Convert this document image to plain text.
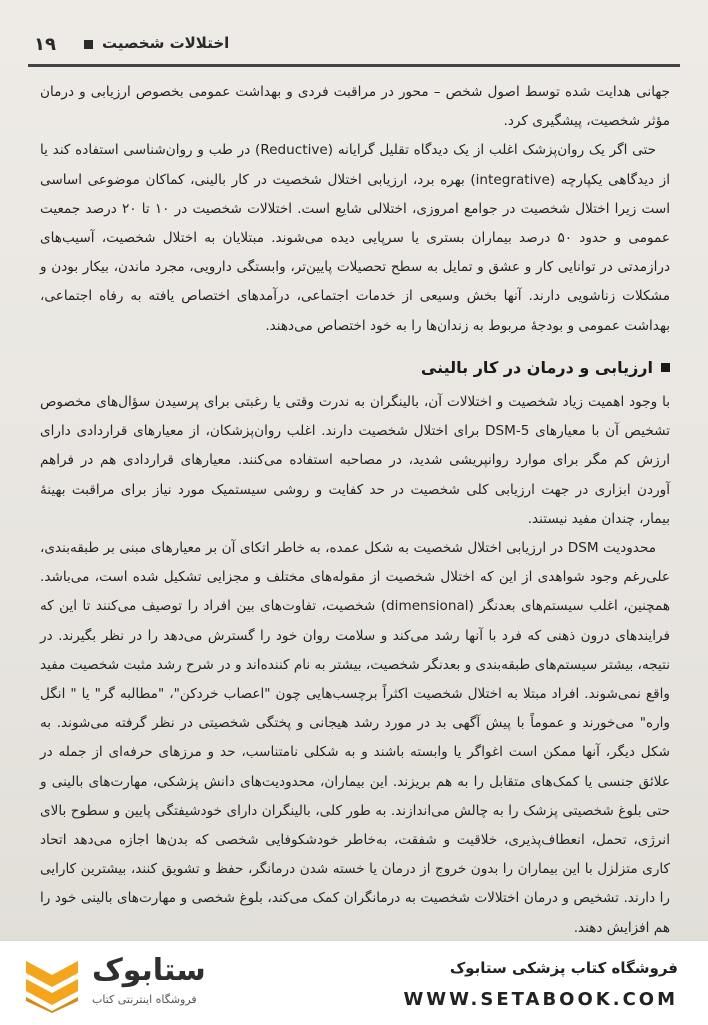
۱۹	اختلالات شخصیت

جهانی هدایت شده توسط اصول شخص – محور در مراقبت فردی و بهداشت عمومی بخصوص ارزیابی و درمان مؤثر شخصیت، پیشگیری کرد.

حتی اگر یک روان‌پزشک اغلب از یک دیدگاه تقلیل گرایانه (Reductive) در طب و روان‌شناسی استفاده کند یا از دیدگاهی یکپارچه (integrative) بهره برد، ارزیابی اختلال شخصیت در کار بالینی، کماکان موضوعی اساسی است زیرا اختلال شخصیت در جوامع امروزی، اختلالی شایع است. اختلالات شخصیت در ۱۰ تا ۲۰ درصد جمعیت عمومی و حدود ۵۰ درصد بیماران بستری یا سرپایی دیده می‌شوند. مبتلایان به اختلال شخصیت، آسیب‌های درازمدتی در توانایی کار و عشق و تمایل به سطح تحصیلات پایین‌تر، وابستگی دارویی، مجرد ماندن، بیکار بودن و مشکلات زناشویی دارند. آنها بخش وسیعی از خدمات اجتماعی، درآمدهای اختصاص یافته به رفاه اجتماعی، بهداشت عمومی و بودجهٔ مربوط به زندان‌ها را به خود اختصاص می‌دهند.

ارزیابی و درمان در کار بالینی

با وجود اهمیت زیاد شخصیت و اختلالات آن، بالینگران به ندرت وقتی یا رغبتی برای پرسیدن سؤال‌های مخصوص تشخیص آن با معیارهای DSM-5 برای اختلال شخصیت دارند. اغلب روان‌پزشکان، از معیارهای قراردادی دارای ارزش کم مگر برای موارد روانپریشی شدید، در مصاحبه استفاده می‌کنند. معیارهای قراردادی هم در فراهم آوردن ابزاری در جهت ارزیابی کلی شخصیت در حد کفایت و روشی سیستمیک مورد نیاز برای مراقبت بهینهٔ بیمار، چندان مفید نیستند.

محدودیت DSM در ارزیابی اختلال شخصیت به شکل عمده، به خاطر اتکای آن بر معیارهای مبنی بر طبقه‌بندی، علی‌رغم وجود شواهدی از این که اختلال شخصیت از مقوله‌های مختلف و مجزایی تشکیل شده است، می‌باشد. همچنین، اغلب سیستم‌های بعدنگر (dimensional) شخصیت، تفاوت‌های بین افراد را توصیف می‌کنند تا این که فرایندهای درون ذهنی که فرد با آنها رشد می‌کند و سلامت روان خود را گسترش می‌دهد را در نظر بگیرند. در نتیجه، بیشتر سیستم‌های طبقه‌بندی و بعدنگر شخصیت، بیشتر به نام کننده‌اند و در شرح رشد مثبت شخصیت مفید واقع نمی‌شوند. افراد مبتلا به اختلال شخصیت اکثراً برچسب‌هایی چون "اعصاب خردکن"، "مطالبه گر" یا " انگل واره" می‌خورند و عموماً با پیش آگهی بد در مورد رشد هیجانی و پختگی شخصیتی در نظر گرفته می‌شوند. به شکل دیگر، آنها ممکن است اغواگر یا وابسته باشند و به شکلی نامتناسب، حد و مرزهای حرفه‌ای از جمله در علائق جنسی یا کمک‌های متقابل را به هم بریزند. این بیماران، محدودیت‌های دانش پزشکی، مهارت‌های بالینی و حتی بلوغ شخصیتی پزشک را به چالش می‌اندازند. به طور کلی، بالینگران دارای خودشیفتگی پایین و سطوح بالای انرژی، تحمل، انعطاف‌پذیری، خلاقیت و شفقت، به‌خاطر خودشکوفایی شخصی که بدن‌ها اجازه می‌دهد اتحاد کاری متزلزل با این بیماران را بدون خروج از درمان یا خسته شدن درمانگر، حفظ و تشویق کنند، بیشترین کارایی را دارند. تشخیص و درمان اختلالات شخصیت به درمانگران کمک می‌کند، بلوغ شخصی و مهارت‌های بالینی خود را هم افزایش دهند.

ستابوک
فروشگاه اینترنتی کتاب
فروشگاه کتاب پزشکی ستابوک
WWW.SETABOOK.COM
